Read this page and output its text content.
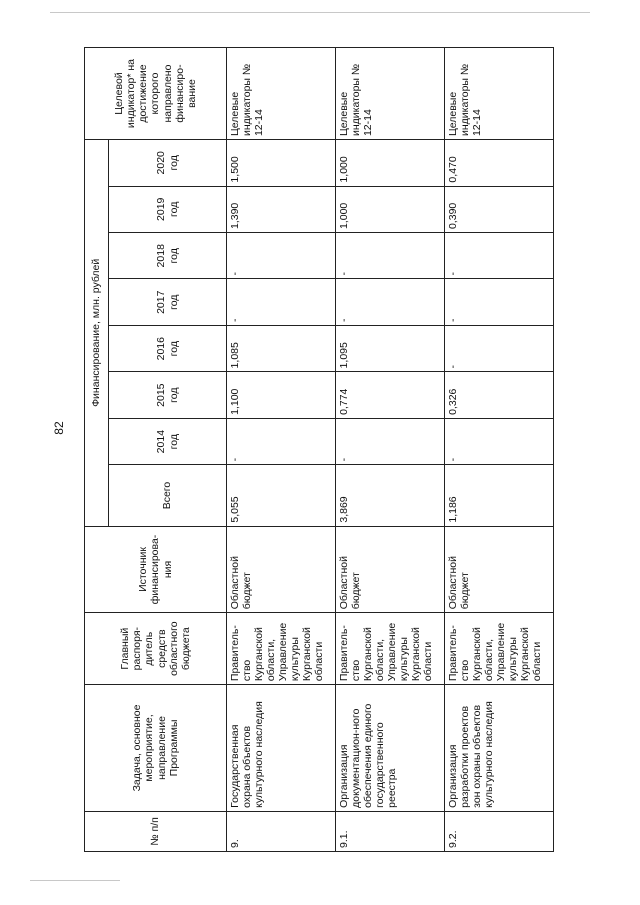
82
№ п/п	Задача, основное мероприятие, направление Программы	Главный распоря-дитель средств областного бюджета	Источник финансирова-ния	Финансирование, млн. рублей								Целевой индикатор* на достижение которого направлено финансиро-вание
				Всего	2014 год	2015 год	2016 год	2017 год	2018 год	2019 год	2020 год	
9.	Государственная охрана объектов культурного наследия	Правитель-ство Курганской области, Управление культуры Курганской области	Областной бюджет	5,055	-	1,100	1,085	-	-	1,390	1,500	Целевые индикаторы № 12-14
9.1.	Организация документацион-ного обеспечения единого государственного реестра	Правитель-ство Курганской области, Управление культуры Курганской области	Областной бюджет	3,869	-	0,774	1,095	-	-	1,000	1,000	Целевые индикаторы № 12-14
9.2.	Организация разработки проектов зон охраны объектов культурного наследия	Правитель-ство Курганской области, Управление культуры Курганской области	Областной бюджет	1,186	-	0,326	-	-	-	0,390	0,470	Целевые индикаторы № 12-14
